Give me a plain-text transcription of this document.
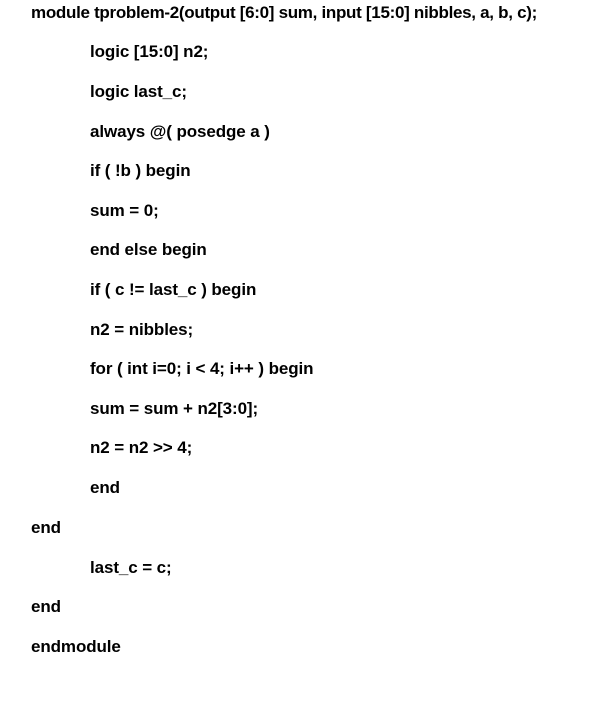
module tproblem-2(output [6:0] sum, input [15:0] nibbles, a, b, c);
logic [15:0] n2;
logic last_c;
always @( posedge a )
if ( !b ) begin
sum = 0;
end else begin
if ( c != last_c ) begin
n2 = nibbles;
for ( int i=0; i < 4; i++ ) begin
sum = sum + n2[3:0];
n2 = n2 >> 4;
end
end
last_c = c;
end
endmodule
